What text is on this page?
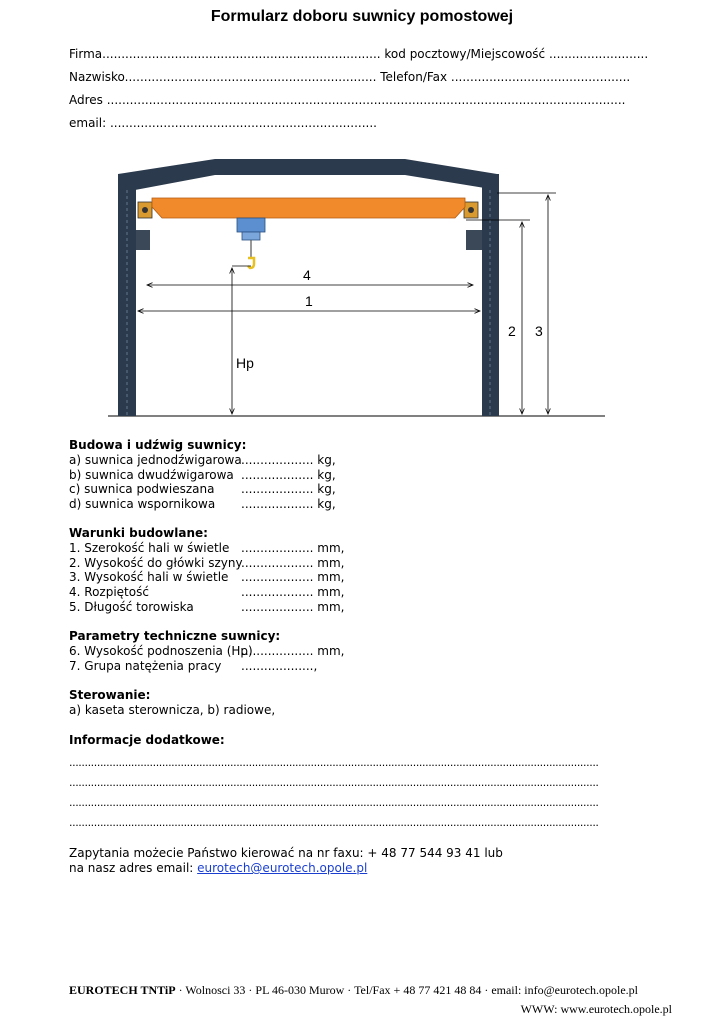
Formularz doboru suwnicy pomostowej
Firma......................................................................... kod pocztowy/Miejscowość ..........................
Nazwisko.................................................................. Telefon/Fax ...............................................
Adres ........................................................................................................................................
email: ......................................................................
Hp
4
1
2 3
Budowa i udźwig suwnicy:
a) suwnica jednodźwigarowa................... kg,
b) suwnica dwudźwigarowa ................... kg,
c) suwnica podwieszana ................... kg,
d) suwnica wspornikowa ................... kg,
Warunki budowlane:
1. Szerokość hali w świetle ................... mm,
2. Wysokość do główki szyny................... mm,
3. Wysokość hali w świetle ................... mm,
4. Rozpiętość	................... mm,
5. Długość torowiska	................... mm,
Parametry techniczne suwnicy:
6. Wysokość podnoszenia (Hp)................... mm,
7. Grupa natężenia pracy ...................,
Sterowanie:
a) kaseta sterownicza, b) radiowe,
Informacje dodatkowe:
...........................................................................................................................................................................
...........................................................................................................................................................................
...........................................................................................................................................................................
...........................................................................................................................................................................
Zapytania możecie Państwo kierować na nr faxu: + 48 77 544 93 41 lub
na nasz adres email: eurotech@eurotech.opole.pl
EUROTECH TNTiP · Wolnosci 33 · PL 46-030 Murow · Tel/Fax + 48 77 421 48 84 · email: info@eurotech.opole.pl
WWW: www.eurotech.opole.pl
